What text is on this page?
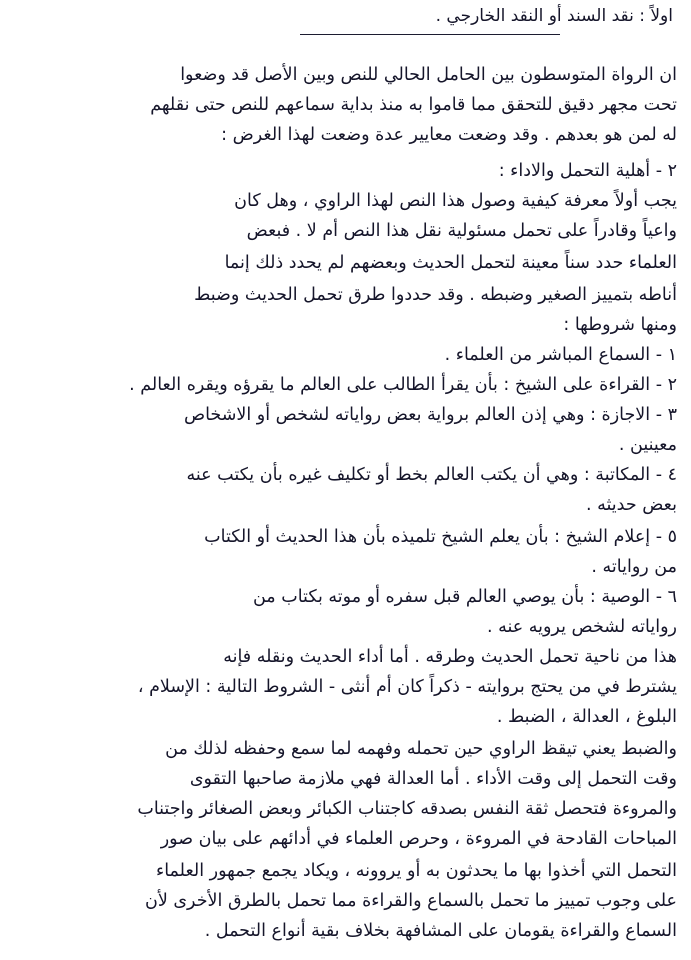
اولاً : نقد السند أو النقد الخارجي .
ان الرواة المتوسطون بين الحامل الحالي للنص وبين الأصل قد وضعوا
تحت مجهر دقيق للتحقق مما قاموا به منذ بداية سماعهم للنص حتى نقلهم
له لمن هو بعدهم . وقد وضعت معايير عدة وضعت لهذا الغرض :
٢ - أهلية التحمل والاداء :
يجب أولاً معرفة كيفية وصول هذا النص لهذا الراوي ، وهل كان
واعياً وقادراً على تحمل مسئولية نقل هذا النص أم لا . فبعض
العلماء حدد سناً معينة لتحمل الحديث وبعضهم لم يحدد ذلك إنما
أناطه بتمييز الصغير وضبطه . وقد حددوا طرق تحمل الحديث وضبط
ومنها شروطها :
١ - السماع المباشر من العلماء .
٢ - القراءة على الشيخ : بأن يقرأ الطالب على العالم ما يقرؤه ويقره العالم .
٣ - الاجازة : وهي إذن العالم برواية بعض رواياته لشخص أو الاشخاص
معينين .
٤ - المكاتبة : وهي أن يكتب العالم بخط أو تكليف غيره بأن يكتب عنه
بعض حديثه .
٥ - إعلام الشيخ : بأن يعلم الشيخ تلميذه بأن هذا الحديث أو الكتاب
من رواياته .
٦ - الوصية : بأن يوصي العالم قبل سفره أو موته بكتاب من
رواياته لشخص يرويه عنه .
هذا من ناحية تحمل الحديث وطرقه . أما أداء الحديث ونقله فإنه
يشترط في من يحتج بروايته - ذكراً كان أم أنثى - الشروط التالية : الإسلام ،
البلوغ ، العدالة ، الضبط .
والضبط يعني تيقظ الراوي حين تحمله وفهمه لما سمع وحفظه لذلك من
وقت التحمل إلى وقت الأداء . أما العدالة فهي ملازمة صاحبها التقوى
والمروءة فتحصل ثقة النفس بصدقه كاجتناب الكبائر وبعض الصغائر واجتناب
المباحات القادحة في المروءة ، وحرص العلماء في أدائهم على بيان صور
التحمل التي أخذوا بها ما يحدثون به أو يروونه ، ويكاد يجمع جمهور العلماء
على وجوب تمييز ما تحمل بالسماع والقراءة مما تحمل بالطرق الأخرى لأن
السماع والقراءة يقومان على المشافهة بخلاف بقية أنواع التحمل .
